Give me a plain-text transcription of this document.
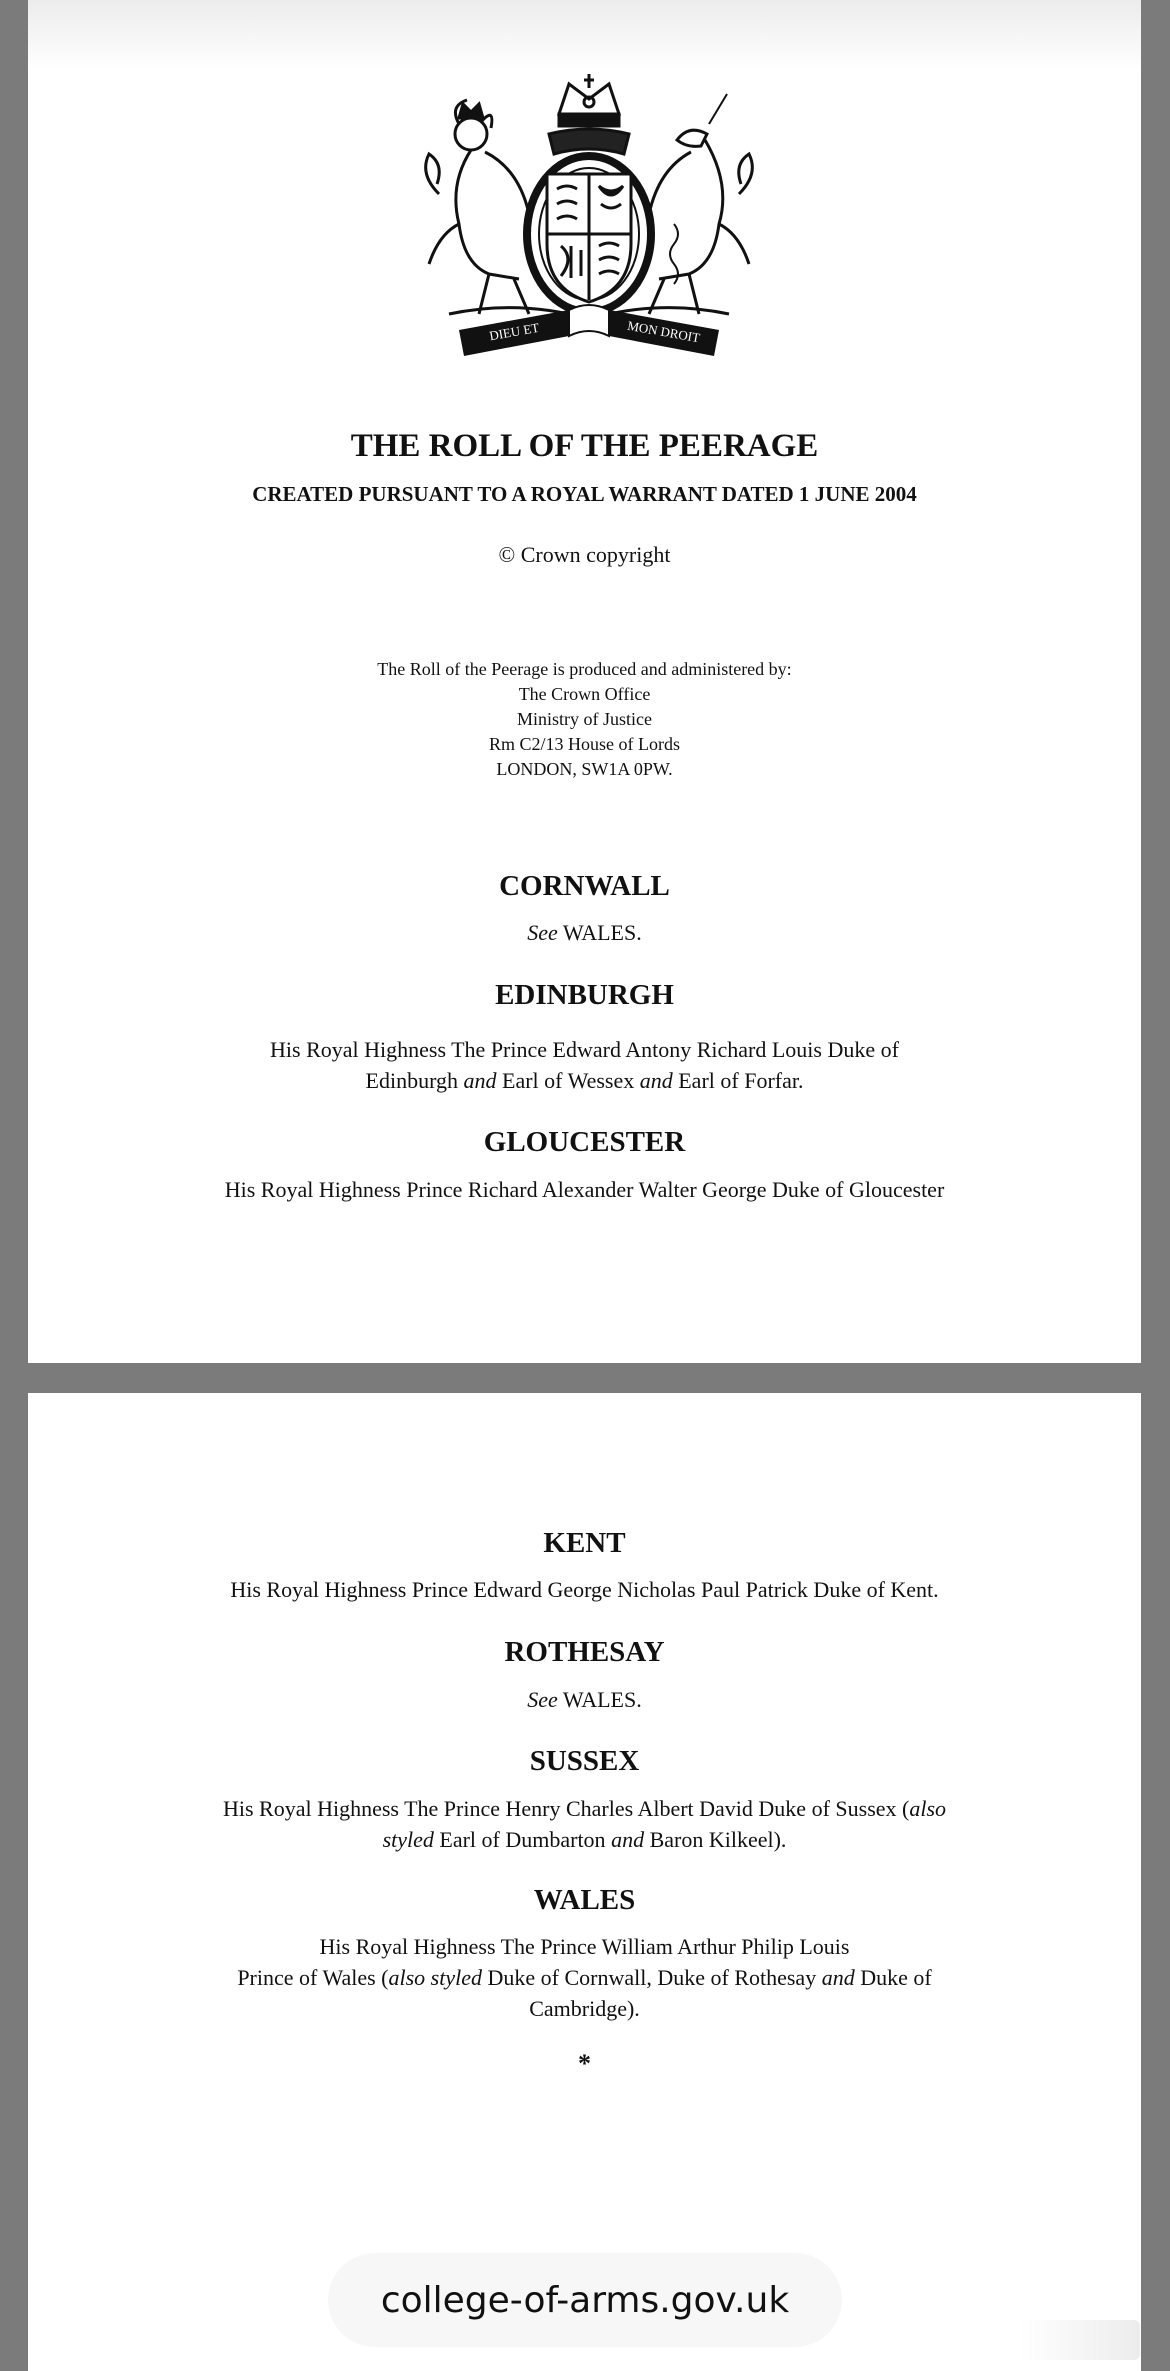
DIEU ET	MON DROIT
THE ROLL OF THE PEERAGE
CREATED PURSUANT TO A ROYAL WARRANT DATED 1 JUNE 2004
© Crown copyright
The Roll of the Peerage is produced and administered by:
The Crown Office
Ministry of Justice
Rm C2/13 House of Lords
LONDON, SW1A 0PW.
CORNWALL
See WALES.
EDINBURGH
His Royal Highness The Prince Edward Antony Richard Louis Duke of
Edinburgh and Earl of Wessex and Earl of Forfar.
GLOUCESTER
His Royal Highness Prince Richard Alexander Walter George Duke of Gloucester
KENT
His Royal Highness Prince Edward George Nicholas Paul Patrick Duke of Kent.
ROTHESAY
See WALES.
SUSSEX
His Royal Highness The Prince Henry Charles Albert David Duke of Sussex (also
styled Earl of Dumbarton and Baron Kilkeel).
WALES
His Royal Highness The Prince William Arthur Philip Louis
Prince of Wales (also styled Duke of Cornwall, Duke of Rothesay and Duke of
Cambridge).
*
college-of-arms.gov.uk
